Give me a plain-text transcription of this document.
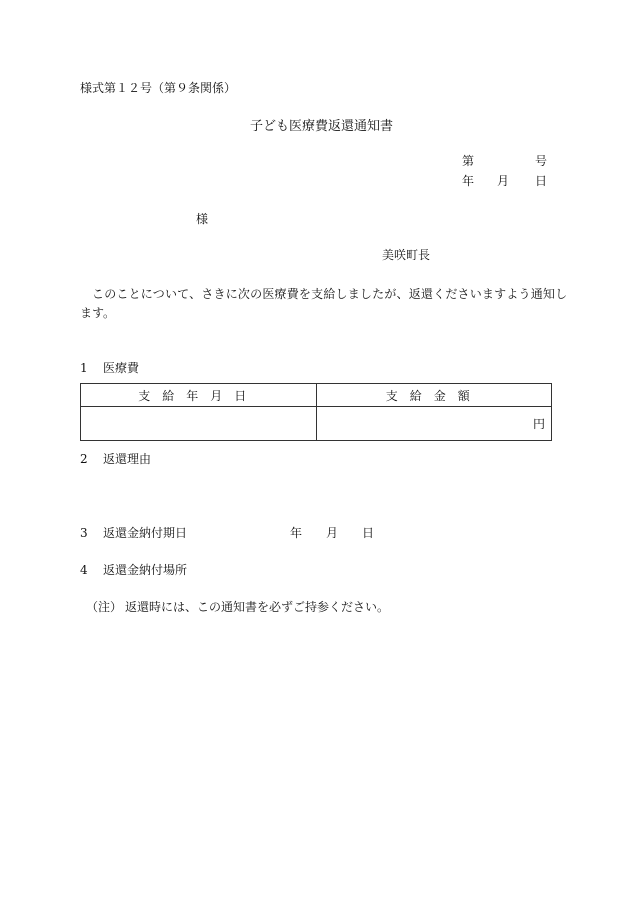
様式第１２号（第９条関係）
子ども医療費返還通知書
第	号
年 月 日
様
美咲町長
このことについて、さきに次の医療費を支給しましたが、返還くださいますよう通知し
ます。
1 医療費
支給年月日	支給金額
	円
2 返還理由
3 返還金納付期日	年 月 日
4 返還金納付場所
（注） 返還時には、この通知書を必ずご持参ください。
